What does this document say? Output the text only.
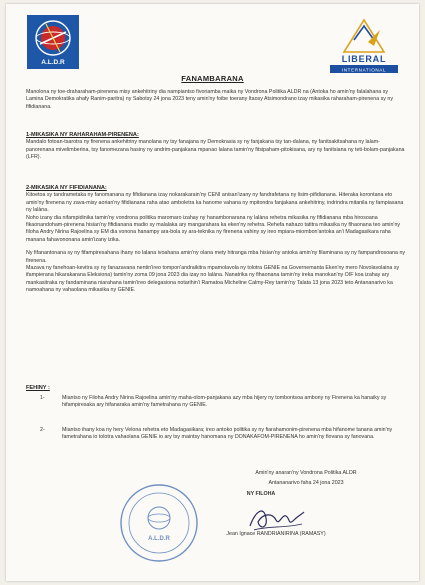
A.L.D.R	LIBERAL
INTERNATIONAL
FANAMBARANA

Manolona ny toe-draharaham-pirenena misy ankehitriny dia nampiantso fivoriamba maika ny Vondrona Politika ALDR na (Antoka ho amin'ny falalahana sy Lamina Demokratika ahafy Ranim-paritra) ny Sabotsy 24 jona 2023 teny amin'ny foibe toerany Itaosy Atsimondrano izay mikasika raharaham-pirenena sy ny fifidianana.

1-MIKASIKA NY RAHARAHAM-PIRENENA:

Mandalo fotoan-tsarotra ny firenena ankehitriny manolana ny tsy fanajana ny Demokrasia sy ny fanjakana tsy tan-dalana, ny fanitsakitsahana ny lalam-panorenana mivelimberina, tsy fanomezana hasiny ny andrim-panjakana mpanao lalana tamin'ny fitsipaham-pitokisana, ary ny fanitsiana ny teti-bolam-panjakana (LFR).

2-MIKASIKA NY FIFIDIANANA:

Kitoetoa sy tandrametaka ny fanomanana ny fifidianana izay nokarakarain'ny CENI anisan'izany ny fandrafetana ny lisim-pifidianana. Hiteraka korontana eto amin'ny firenena ny zava-misy aorian'ny fifidianana raha atao amboletra ka hanome vahana ny mpitondra fanjakana ankehitriny, indrindra mitanila ny fampiasana ny lalàna.

Noho izany dia nifampidinika tamin'ny vondrona politika maromaro izahay ny hanambonarana ny lalàna rehetra mikasika ny fifidianana mba hirosoana fikaonandoham-pirenena hisian'ny fifidianana madio sy malalaka ary mangarahara ka eken'ny rehetra. Rehefa nahazo tatitra mikasika ny fihaonana teo amin'ny filoha Andry Nirina Rajoelina sy EM dia vonona hanampy ara-bola sy ara-teknika ny firenena vahiny sy ireo mpiara-miombon'antoka an'i Madagasikara raha manana fahavononana amin'izany izika.

Ny fifanantonana sy ny fifampiresahana ihany no lalana ivoahana amin'ny olana mety hitranga mba hisian'ny antoka amin'ny filaminana sy ny fampandrosoana ny firenena.

Mazava ny fanehoan-kevitra sy ny fanazavana nentin'ireo tompon'andraikitra mpamolavola ny tolotra GENIE na Governemanta Eken'ny mero Novolavolaina sy ifampierana hikarakarana Eleksiona) tamin'ny zoma 09 jona 2023 dia izay no lalàna. Nanatrika ny fihaonana tamin'ny ireka manokan'ny OIF koa izahay ary mankasitraka ny fandaminana niarahana tamin'ireo delegasiona notarihin'i Ramatoa Micheline Calmy-Rey tamin'ny Talata 13 jona 2023 teto Antananarivo ka namoahana ny vahaolana mikasika ny GENIE.

FEHINY :

1-	Miantso ny Filoha Andry Nirina Rajoelina amin'ny maha-olom-panjakana azy mba hijery ny tombontsoa ambony ny Firenena ka hanaiky sy hifampiresaka ary hifanaraka amin'ny fametrahana ny GENIE.
2-	Miantso ihany koa ny hery Velona rehetra eto Madagasikara; ireo antoko politika sy ny fiarahamonim-pirenena mba hifanome tanana amin'ny fametrahana io tolotra vahaolana GENIE io ary tsy maintsy hanomana ny DONAKAFOM-PIRENENA ho amin'ny fiovana sy fanovana.
Amin'ny anaran'ny Vondrona Politika ALDR
Antananarivo faha 24 jona 2023
NY FILOHA
A.L.D.R
Jean Ignace RANDRIANIRINA (RAMASY)
